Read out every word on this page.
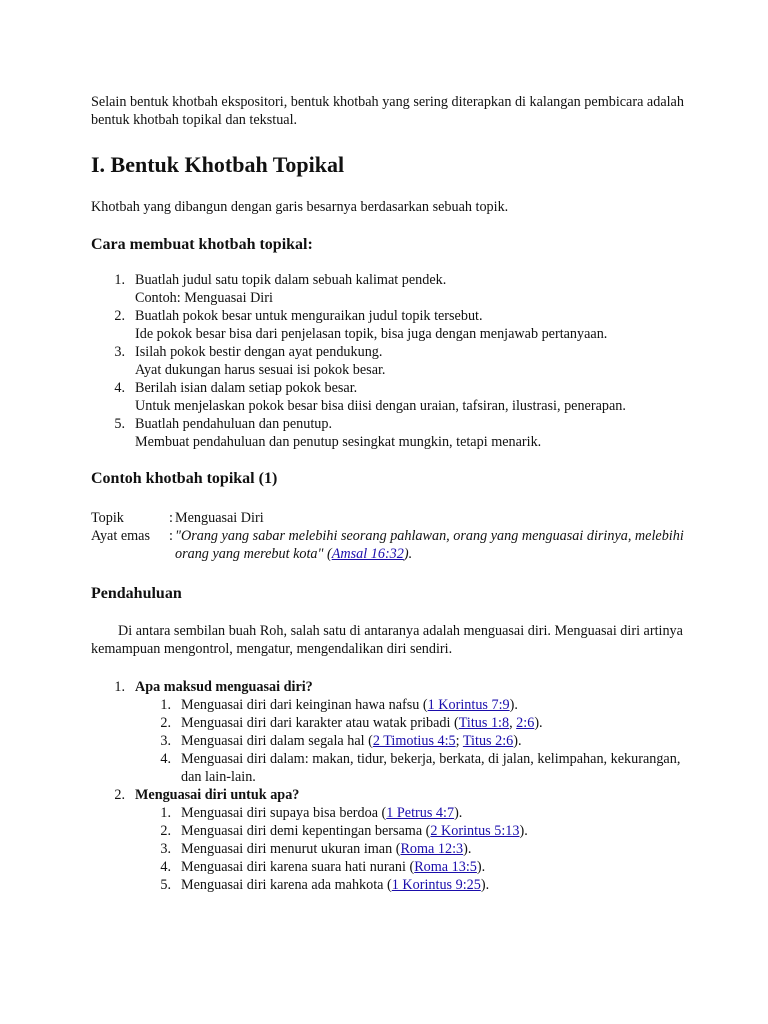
Selain bentuk khotbah ekspositori, bentuk khotbah yang sering diterapkan di kalangan pembicara adalah bentuk khotbah topikal dan tekstual.

I. Bentuk Khotbah Topikal

Khotbah yang dibangun dengan garis besarnya berdasarkan sebuah topik.

Cara membuat khotbah topikal:
1. Buatlah judul satu topik dalam sebuah kalimat pendek.
Contoh: Menguasai Diri
2. Buatlah pokok besar untuk menguraikan judul topik tersebut.
Ide pokok besar bisa dari penjelasan topik, bisa juga dengan menjawab pertanyaan.
3. Isilah pokok bestir dengan ayat pendukung.
Ayat dukungan harus sesuai isi pokok besar.
4. Berilah isian dalam setiap pokok besar.
Untuk menjelaskan pokok besar bisa diisi dengan uraian, tafsiran, ilustrasi, penerapan.
5. Buatlah pendahuluan dan penutup.
Membuat pendahuluan dan penutup sesingkat mungkin, tetapi menarik.
Contoh khotbah topikal (1)
Topik	: Menguasai Diri
Ayat emas : "Orang yang sabar melebihi seorang pahlawan, orang yang menguasai dirinya, melebihi orang yang merebut kota" (Amsal 16:32).
Pendahuluan

Di antara sembilan buah Roh, salah satu di antaranya adalah menguasai diri. Menguasai diri artinya kemampuan mengontrol, mengatur, mengendalikan diri sendiri.

1. Apa maksud menguasai diri?
1. Menguasai diri dari keinginan hawa nafsu (1 Korintus 7:9).
2. Menguasai diri dari karakter atau watak pribadi (Titus 1:8, 2:6).
3. Menguasai diri dalam segala hal (2 Timotius 4:5; Titus 2:6).
4. Menguasai diri dalam: makan, tidur, bekerja, berkata, di jalan, kelimpahan, kekurangan, dan lain-lain.
2. Menguasai diri untuk apa?
1. Menguasai diri supaya bisa berdoa (1 Petrus 4:7).
2. Menguasai diri demi kepentingan bersama (2 Korintus 5:13).
3. Menguasai diri menurut ukuran iman (Roma 12:3).
4. Menguasai diri karena suara hati nurani (Roma 13:5).
5. Menguasai diri karena ada mahkota (1 Korintus 9:25).
